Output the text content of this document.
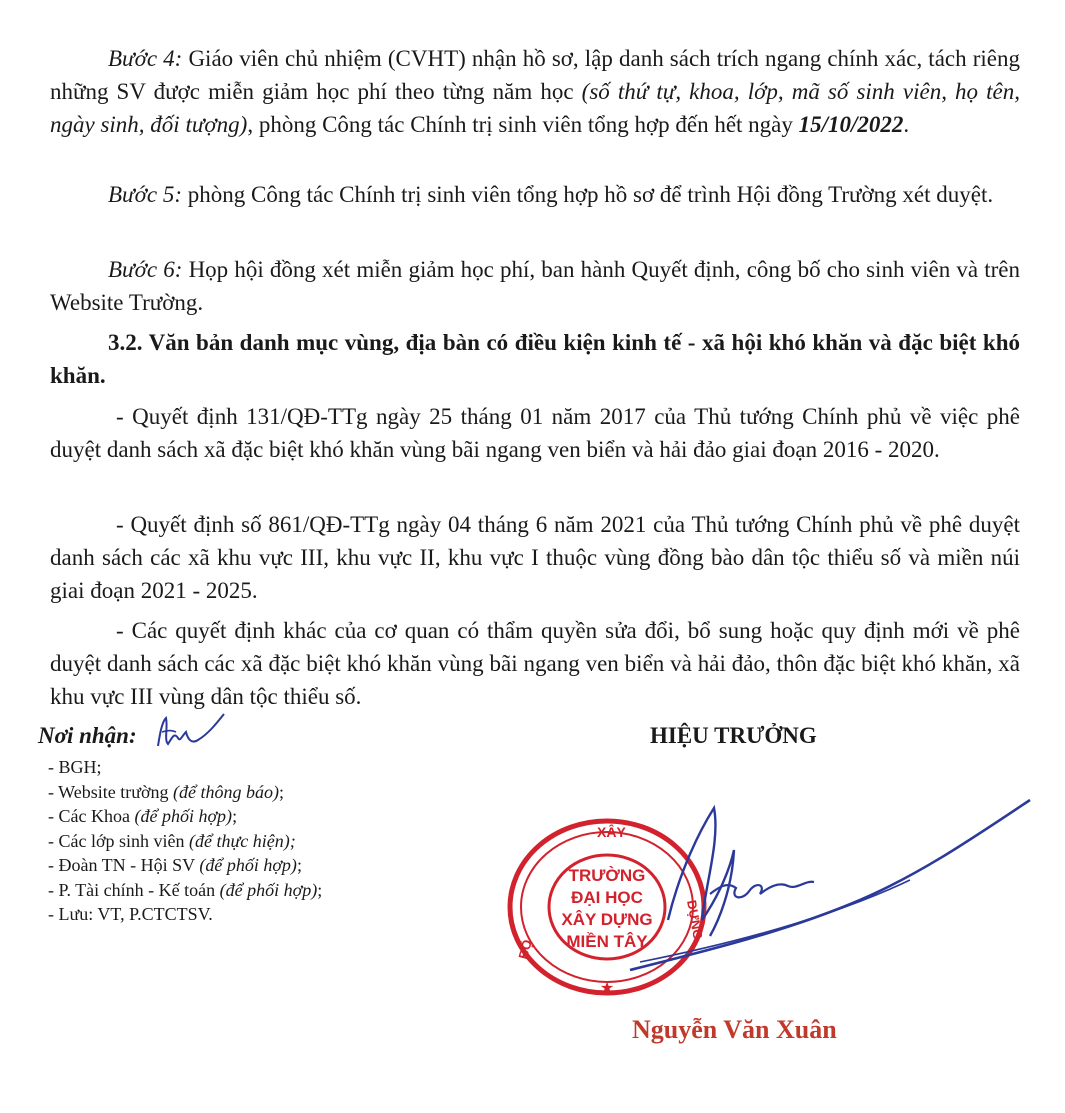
Bước 4: Giáo viên chủ nhiệm (CVHT) nhận hồ sơ, lập danh sách trích ngang chính xác, tách riêng những SV được miễn giảm học phí theo từng năm học (số thứ tự, khoa, lớp, mã số sinh viên, họ tên, ngày sinh, đối tượng), phòng Công tác Chính trị sinh viên tổng hợp đến hết ngày 15/10/2022.

Bước 5: phòng Công tác Chính trị sinh viên tổng hợp hồ sơ để trình Hội đồng Trường xét duyệt.

Bước 6: Họp hội đồng xét miễn giảm học phí, ban hành Quyết định, công bố cho sinh viên và trên Website Trường.

3.2. Văn bản danh mục vùng, địa bàn có điều kiện kinh tế - xã hội khó khăn và đặc biệt khó khăn.

- Quyết định 131/QĐ-TTg ngày 25 tháng 01 năm 2017 của Thủ tướng Chính phủ về việc phê duyệt danh sách xã đặc biệt khó khăn vùng bãi ngang ven biển và hải đảo giai đoạn 2016 - 2020.

- Quyết định số 861/QĐ-TTg ngày 04 tháng 6 năm 2021 của Thủ tướng Chính phủ về phê duyệt danh sách các xã khu vực III, khu vực II, khu vực I thuộc vùng đồng bào dân tộc thiểu số và miền núi giai đoạn 2021 - 2025.

- Các quyết định khác của cơ quan có thẩm quyền sửa đổi, bổ sung hoặc quy định mới về phê duyệt danh sách các xã đặc biệt khó khăn vùng bãi ngang ven biển và hải đảo, thôn đặc biệt khó khăn, xã khu vực III vùng dân tộc thiểu số.

Nơi nhận:
- BGH;
- Website trường (để thông báo);
- Các Khoa (để phối hợp);
- Các lớp sinh viên (để thực hiện);
- Đoàn TN - Hội SV (để phối hợp);
- P. Tài chính - Kế toán (để phối hợp);
- Lưu: VT, P.CTCTSV.
HIỆU TRƯỞNG
XÂY
DỰNG
BỘ
★
TRƯỜNG
ĐẠI HỌC
XÂY DỰNG
MIỀN TÂY
Nguyễn Văn Xuân
